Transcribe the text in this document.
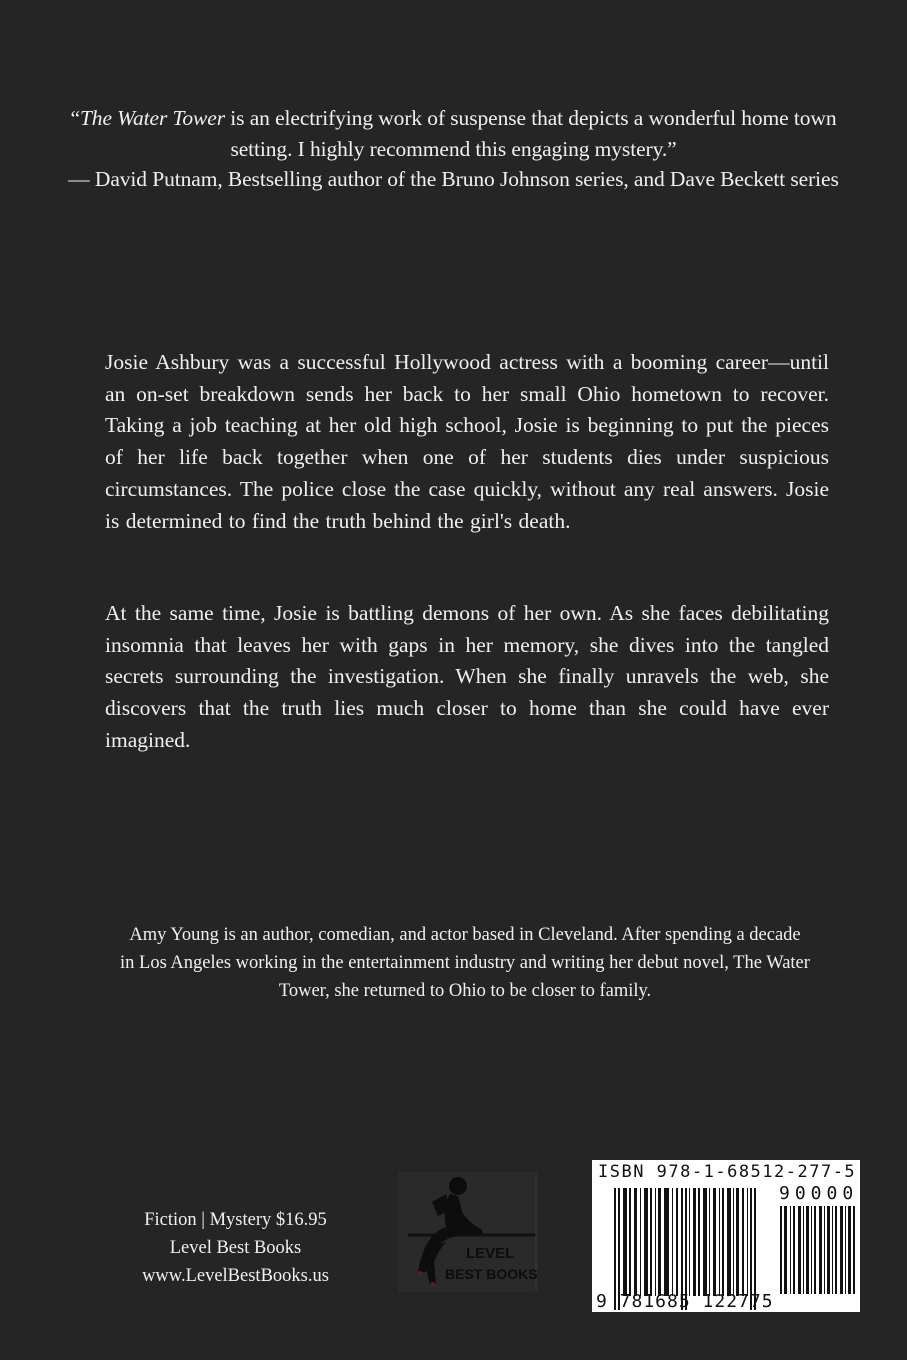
“The Water Tower is an electrifying work of suspense that depicts a wonderful home town setting. I highly recommend this engaging mystery.”
— David Putnam, Bestselling author of the Bruno Johnson series, and Dave Beckett series

Josie Ashbury was a successful Hollywood actress with a booming career—until an on-set breakdown sends her back to her small Ohio hometown to recover. Taking a job teaching at her old high school, Josie is beginning to put the pieces of her life back together when one of her students dies under suspicious circumstances. The police close the case quickly, without any real answers. Josie is determined to find the truth behind the girl's death.

At the same time, Josie is battling demons of her own. As she faces debilitating insomnia that leaves her with gaps in her memory, she dives into the tangled secrets surrounding the investigation. When she finally unravels the web, she discovers that the truth lies much closer to home than she could have ever imagined.

Amy Young is an author, comedian, and actor based in Cleveland. After spending a decade in Los Angeles working in the entertainment industry and writing her debut novel, The Water Tower, she returned to Ohio to be closer to family.

Fiction | Mystery $16.95
Level Best Books
www.LevelBestBooks.us
LEVEL
BEST BOOKS
ISBN 978-1-68512-277-5
90000
9 781685 122775
